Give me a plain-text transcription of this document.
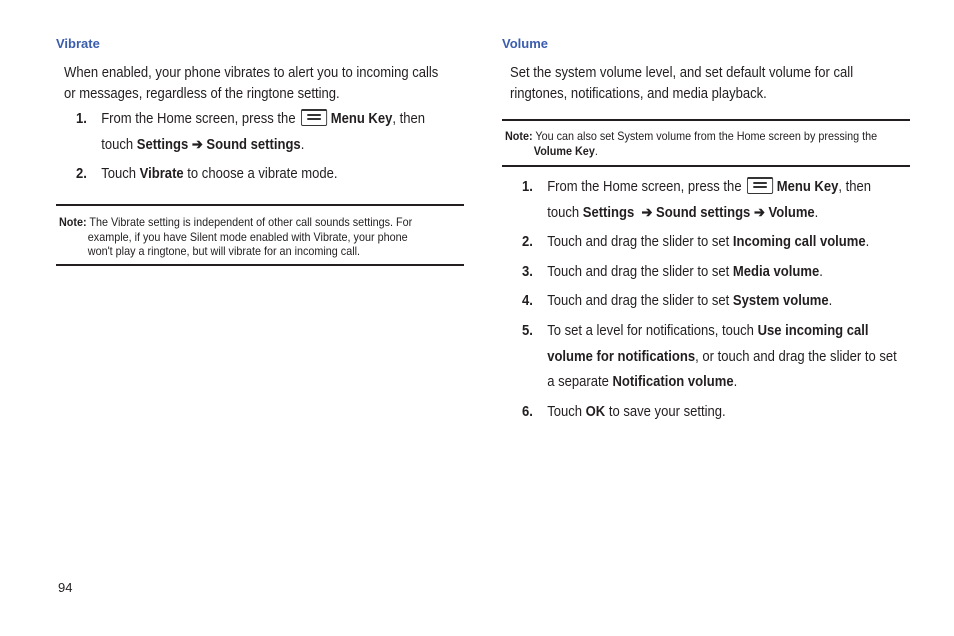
Vibrate
When enabled, your phone vibrates to alert you to incoming calls
or messages, regardless of the ringtone setting.
1. From the Home screen, press the Menu Key, then
touch Settings ➔ Sound settings.
2. Touch Vibrate to choose a vibrate mode.
Note: The Vibrate setting is independent of other call sounds settings. For
example, if you have Silent mode enabled with Vibrate, your phone
won't play a ringtone, but will vibrate for an incoming call.
Volume
Set the system volume level, and set default volume for call
ringtones, notifications, and media playback.
Note: You can also set System volume from the Home screen by pressing the
Volume Key.
1. From the Home screen, press the Menu Key, then
touch Settings  ➔ Sound settings ➔ Volume.
2. Touch and drag the slider to set Incoming call volume.
3. Touch and drag the slider to set Media volume.
4. Touch and drag the slider to set System volume.
5. To set a level for notifications, touch Use incoming call
volume for notifications, or touch and drag the slider to set
a separate Notification volume.
6. Touch OK to save your setting.
94
